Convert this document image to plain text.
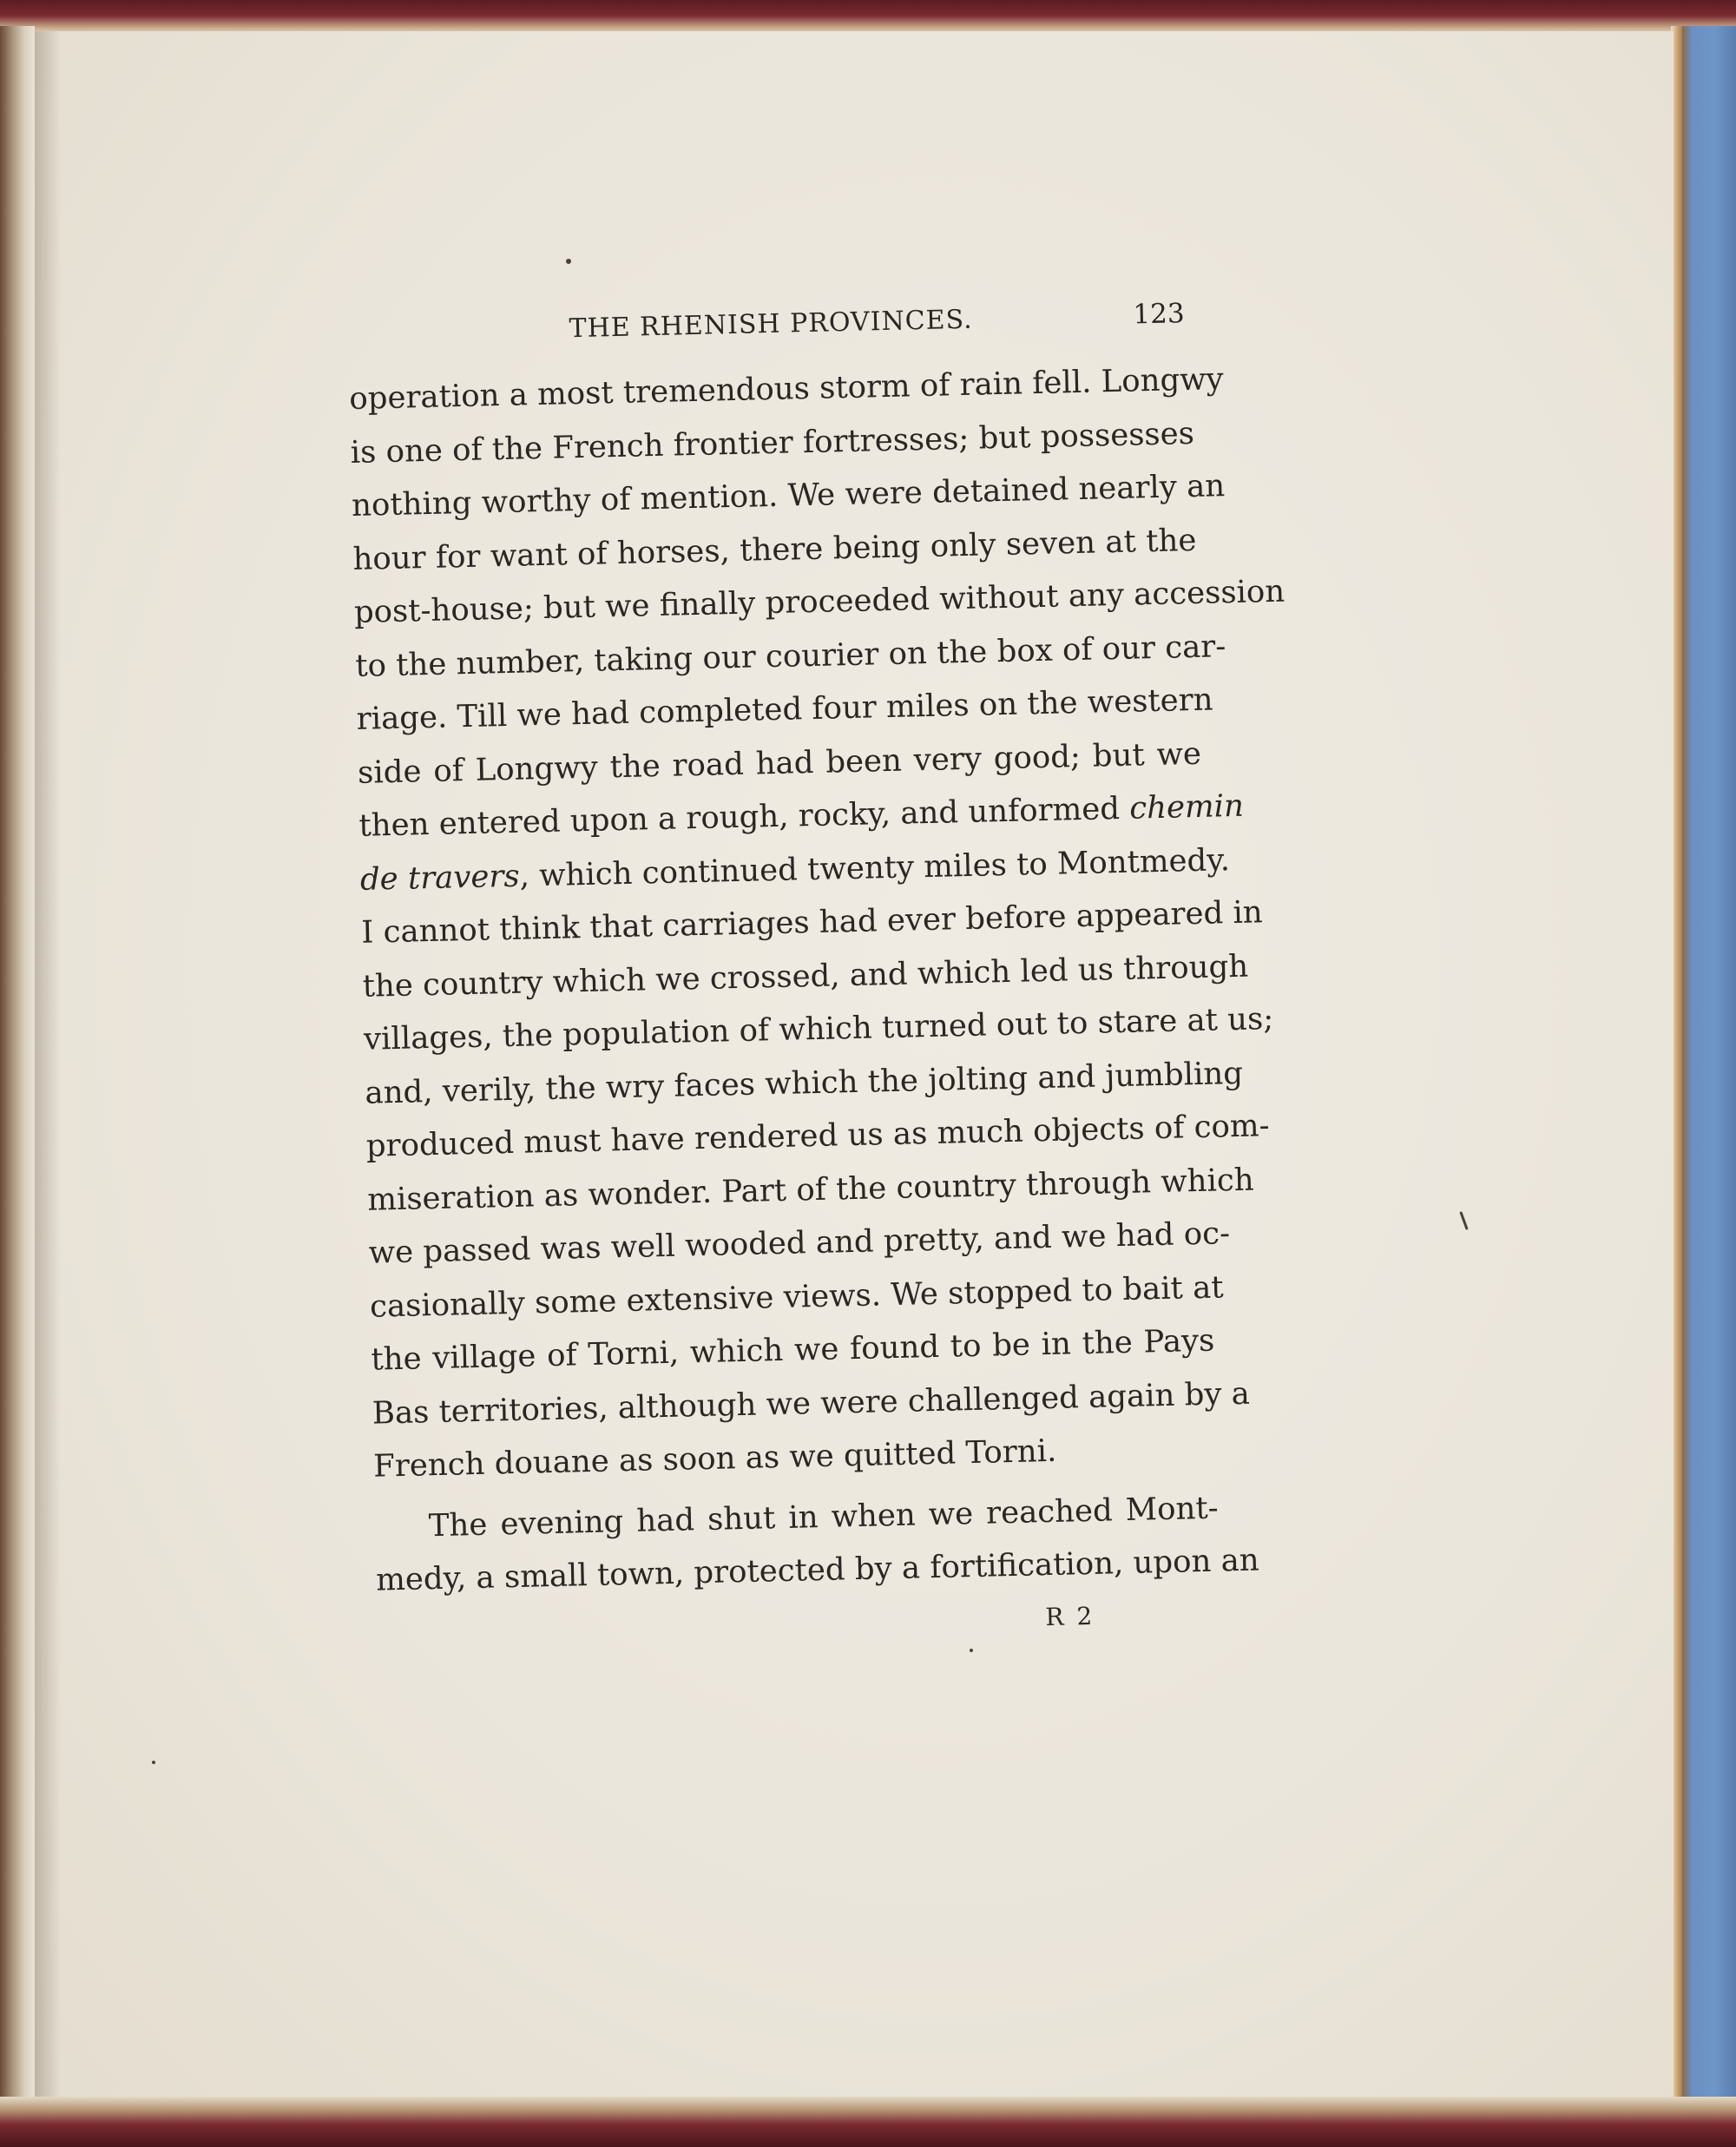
THE RHENISH PROVINCES.	123
operation a most tremendous storm of rain fell. Longwy
is one of the French frontier fortresses; but possesses
nothing worthy of mention. We were detained nearly an
hour for want of horses, there being only seven at the
post-house; but we finally proceeded without any accession
to the number, taking our courier on the box of our car-
riage. Till we had completed four miles on the western
side of Longwy the road had been very good; but we
then entered upon a rough, rocky, and unformed chemin
de travers, which continued twenty miles to Montmedy.
I cannot think that carriages had ever before appeared in
the country which we crossed, and which led us through
villages, the population of which turned out to stare at us;
and, verily, the wry faces which the jolting and jumbling
produced must have rendered us as much objects of com-
miseration as wonder. Part of the country through which
we passed was well wooded and pretty, and we had oc-
casionally some extensive views. We stopped to bait at
the village of Torni, which we found to be in the Pays
Bas territories, although we were challenged again by a
French douane as soon as we quitted Torni.
The evening had shut in when we reached Mont-
medy, a small town, protected by a fortification, upon an
R 2
